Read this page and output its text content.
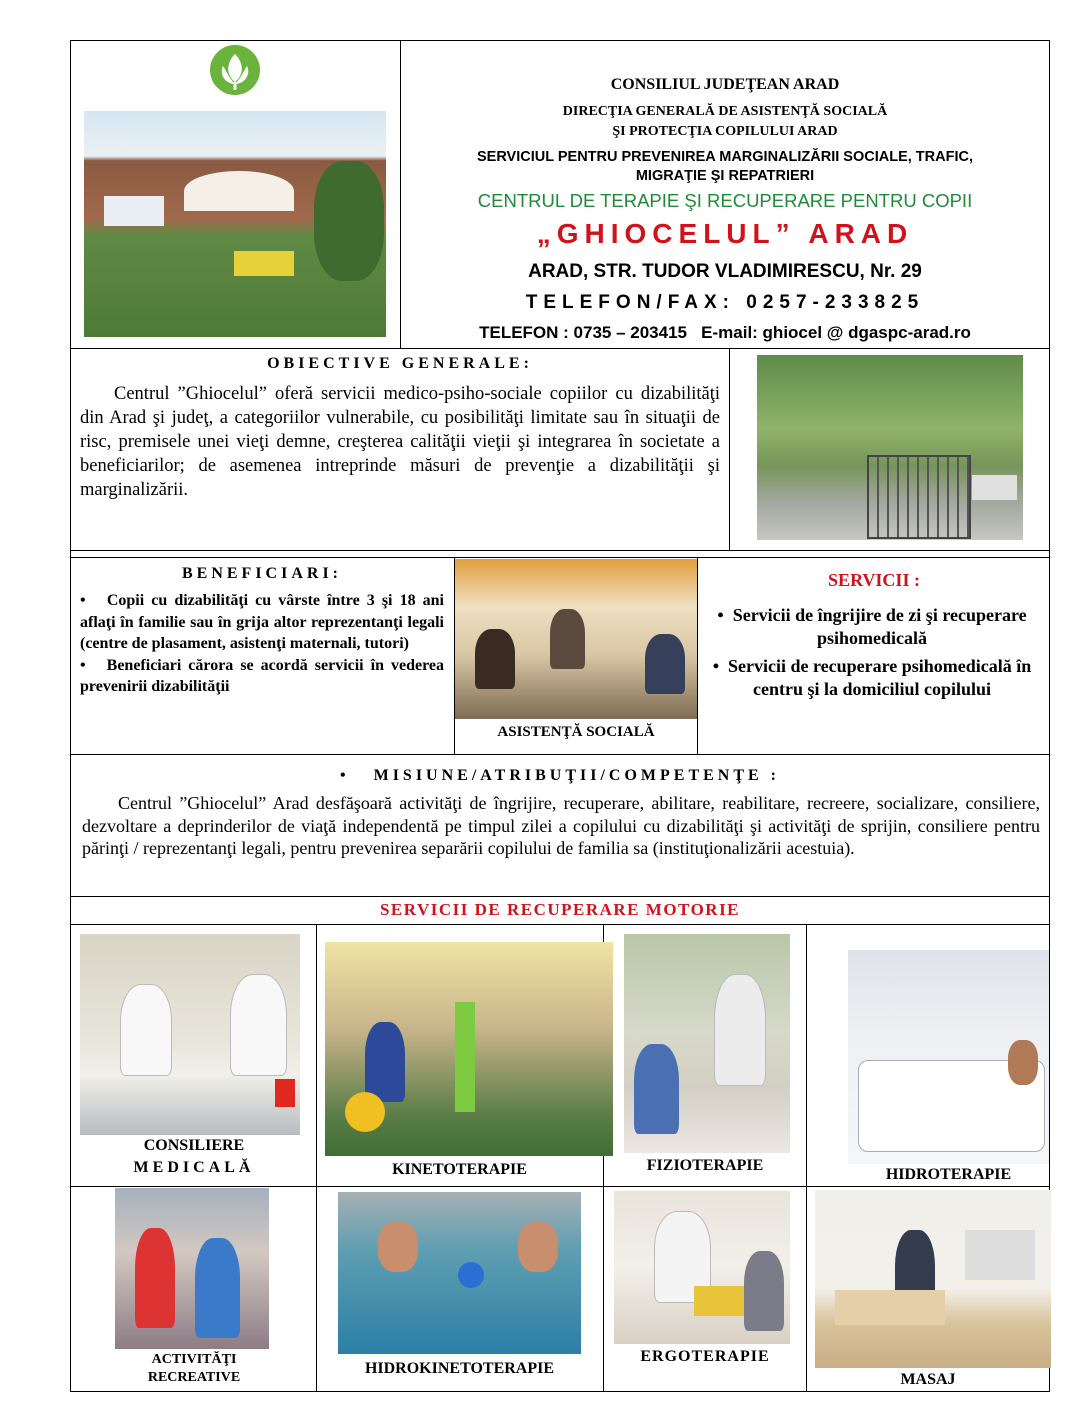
CONSILIUL JUDEŢEAN ARAD
DIRECŢIA GENERALĂ DE ASISTENŢĂ SOCIALĂ
ŞI PROTECŢIA COPILULUI ARAD
SERVICIUL PENTRU PREVENIREA MARGINALIZĂRII SOCIALE, TRAFIC,
MIGRAŢIE ŞI REPATRIERI
CENTRUL DE TERAPIE ŞI RECUPERARE PENTRU COPII
„GHIOCELUL” ARAD
ARAD, STR. TUDOR VLADIMIRESCU, Nr. 29
TELEFON/FAX: 0257-233825
TELEFON : 0735 – 203415   E-mail: ghiocel @ dgaspc-arad.ro
OBIECTIVE GENERALE:
Centrul ”Ghiocelul” oferă servicii medico-psiho-sociale copiilor cu dizabilităţi din Arad şi judeţ, a categoriilor vulnerabile, cu posibilităţi limitate sau în situaţii de risc, premisele unei vieţi demne, creşterea calităţii vieţii şi integrarea în societate a beneficiarilor; de asemenea intreprinde măsuri de prevenţie a dizabilităţii şi marginalizării.
BENEFICIARI:
•   Copii cu dizabilităţi cu vârste între 3 şi 18 ani aflaţi în familie sau în grija altor reprezentanţi legali (centre de plasament, asistenţi maternali, tutori)
•   Beneficiari cărora se acordă servicii în vederea prevenirii dizabilităţii
ASISTENŢĂ SOCIALĂ
SERVICII :
•  Servicii de îngrijire de zi şi recuperare psihomedicală
•  Servicii de recuperare psihomedicală în centru şi la domiciliul copilului
•   MISIUNE/ATRIBUŢII/COMPETENŢE :
Centrul ”Ghiocelul” Arad desfăşoară activităţi de îngrijire, recuperare, abilitare, reabilitare, recreere, socializare, consiliere, dezvoltare a deprinderilor de viaţă independentă pe timpul zilei a copilului cu dizabilităţi şi activităţi de sprijin, consiliere pentru părinţi / reprezentanţi legali, pentru prevenirea separării copilului de familia sa (instituţionalizării acestuia).
SERVICII DE RECUPERARE MOTORIE
CONSILIERE
MEDICALĂ	KINETOTERAPIE	FIZIOTERAPIE
HIDROTERAPIE
ACTIVITĂŢI
RECREATIVE
HIDROKINETOTERAPIE
ERGOTERAPIE
MASAJ
